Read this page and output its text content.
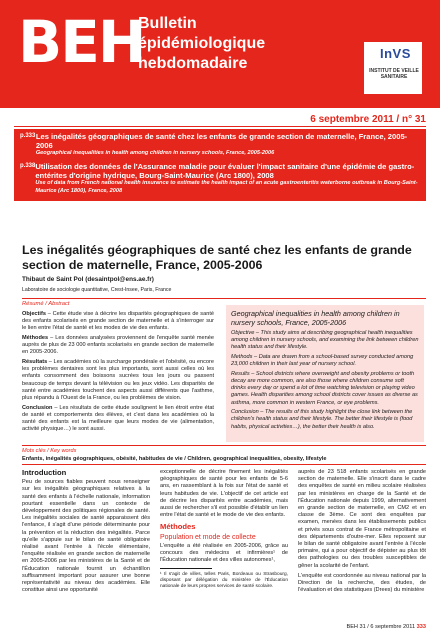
BEH
Bulletin
épidémiologique
hebdomadaire
InVS
INSTITUT DE VEILLE SANITAIRE
6 septembre 2011 / n° 31
p.333 Les inégalités géographiques de santé chez les enfants de grande section de maternelle, France, 2005-2006
Geographical inequalities in health among children in nursery schools, France, 2005-2006
p.338 Utilisation des données de l'Assurance maladie pour évaluer l'impact sanitaire d'une épidémie de gastro-entérites d'origine hydrique, Bourg-Saint-Maurice (Arc 1800), 2008
Use of data from French national health insurance to estimate the health impact of an acute gastroenteritis waterborne outbreak in Bourg-Saint-Maurice (Arc 1800), France, 2008
Les inégalités géographiques de santé chez les enfants de grande section de maternelle, France, 2005-2006
Thibaut de Saint Pol (desaintpol@ens.ae.fr)
Laboratoire de sociologie quantitative, Crest-Insee, Paris, France
Résumé / Abstract

Objectifs – Cette étude vise à décrire les disparités géographiques de santé des enfants scolarisés en grande section de maternelle et à s'interroger sur le lien entre l'état de santé et les modes de vie des enfants.

Méthodes – Les données analysées proviennent de l'enquête santé menée auprès de plus de 23 000 enfants scolarisés en grande section de maternelle en 2005-2006.

Résultats – Les académies où la surcharge pondérale et l'obésité, ou encore les problèmes dentaires sont les plus importants, sont aussi celles où les enfants consomment des boissons sucrées tous les jours ou passent beaucoup de temps devant la télévision ou les jeux vidéo. Les disparités de santé entre académies touchent des aspects aussi différents que l'asthme, plus répandu à l'Ouest de la France, ou les problèmes de vision.

Conclusion – Les résultats de cette étude soulignent le lien étroit entre état de santé et comportements des élèves, et c'est dans les académies où la santé des enfants est la meilleure que leurs modes de vie (alimentation, activité physique…) le sont aussi.

Geographical inequalities in health among children in nursery schools, France, 2005-2006

Objective – This study aims at describing geographical health inequalities among children in nursery schools, and examining the link between children health status and their lifestyle.

Methods – Data are drawn from a school-based survey conducted among 23,000 children in their last year of nursery school.

Results – School districts where overweight and obesity problems or tooth decay are more common, are also those where children consume soft drinks every day or spend a lot of time watching television or playing video games. Health disparities among school districts cover issues as diverse as asthma, more common in western France, or eye problems.

Conclusion – The results of this study highlight the close link between the children's health status and their lifestyle. The better their lifestyle is (food habits, physical activities…), the better their health is also.

Mots clés / Key words
Enfants, inégalités géographiques, obésité, habitudes de vie / Children, geographical inequalities, obesity, lifestyle
Introduction

Peu de sources fiables peuvent nous renseigner sur les inégalités géographiques relatives à la santé des enfants à l'échelle nationale, information pourtant essentielle dans un contexte de développement des politiques régionales de santé. Les inégalités sociales de santé apparaissent dès l'enfance, il s'agit d'une période déterminante pour la prévention et la réduction des inégalités. Parce qu'elle s'appuie sur le bilan de santé obligatoire réalisé avant l'entrée à l'école élémentaire, l'enquête réalisée en grande section de maternelle en 2005-2006 par les ministères de la Santé et de l'Éducation nationale fournit un échantillon suffisamment important pour assurer une bonne représentativité au niveau des académies. Elle constitue ainsi une opportunité

exceptionnelle de décrire finement les inégalités géographiques de santé pour les enfants de 5-6 ans, en rassemblant à la fois sur l'état de santé et leurs habitudes de vie. L'objectif de cet article est de décrire les disparités entre académies, mais aussi de rechercher s'il est possible d'établir un lien entre l'état de santé et le mode de vie des enfants.

Méthodes
Population et mode de collecte

L'enquête a été réalisée en 2005-2006, grâce au concours des médecins et infirmières¹ de l'Éducation nationale et des villes autonomes¹,

¹ Il s'agit de villes, telles Paris, Bordeaux ou Strasbourg, disposant par délégation du ministère de l'Éducation nationale de leurs propres services de santé scolaire.

auprès de 23 518 enfants scolarisés en grande section de maternelle. Elle s'inscrit dans le cadre des enquêtes de santé en milieu scolaire réalisées par les ministères en charge de la Santé et de l'Éducation nationale depuis 1999, alternativement en grande section de maternelle, en CM2 et en classe de 3ème. Ce sont des enquêtes par examen, menées dans les établissements publics et privés sous contrat de France métropolitaine et des départements d'outre-mer. Elles reposent sur le bilan de santé obligatoire avant l'entrée à l'école primaire, qui a pour objectif de dépister au plus tôt des pathologies ou des troubles susceptibles de gêner la scolarité de l'enfant.

L'enquête est coordonnée au niveau national par la Direction de la recherche, des études, de l'évaluation et des statistiques (Drees) du ministère

BEH 31 / 6 septembre 2011 333
